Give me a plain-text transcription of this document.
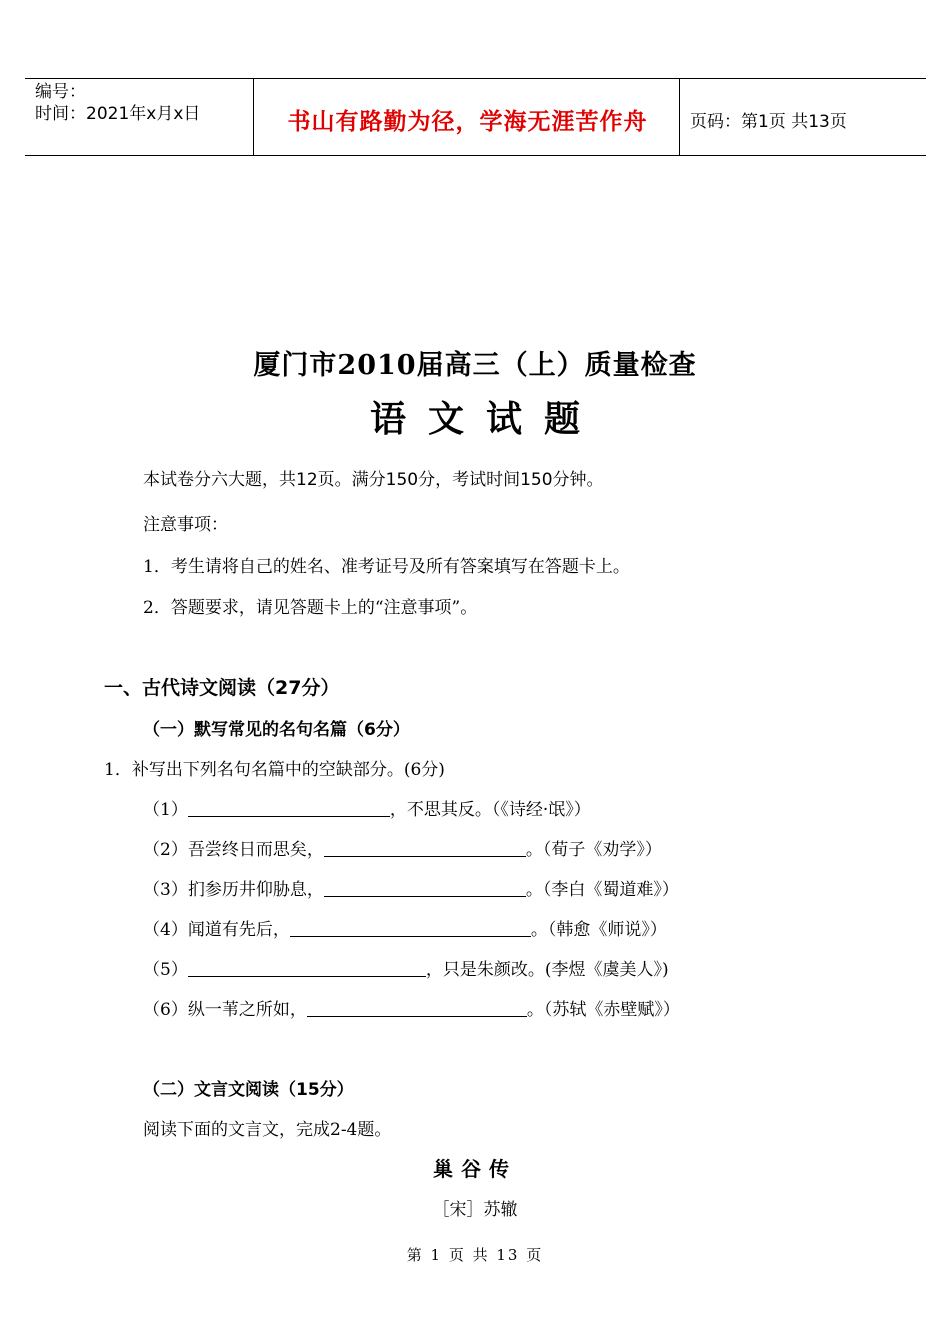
编号：
时间：2021年x月x日	书山有路勤为径，学海无涯苦作舟	页码：第1页 共13页
厦门市2010届高三（上）质量检查
语文试题
本试卷分六大题，共12页。满分150分，考试时间150分钟。
注意事项：
1．考生请将自己的姓名、准考证号及所有答案填写在答题卡上。
2．答题要求，请见答题卡上的“注意事项”。
一、古代诗文阅读（27分）
（一）默写常见的名句名篇（6分）
1．补写出下列名句名篇中的空缺部分。(6分)
（1）	，不思其反。（《诗经·氓》）
（2）吾尝终日而思矣，	。（荀子《劝学》）
（3）扪参历井仰胁息，	。（李白《蜀道难》）
（4）闻道有先后，	。（韩愈《师说》）
（5）	，只是朱颜改。(李煜《虞美人》)
（6）纵一苇之所如，	。（苏轼《赤壁赋》）
（二）文言文阅读（15分）
阅读下面的文言文，完成2-4题。
巢谷传
［宋］苏辙
第 1 页 共 13 页
